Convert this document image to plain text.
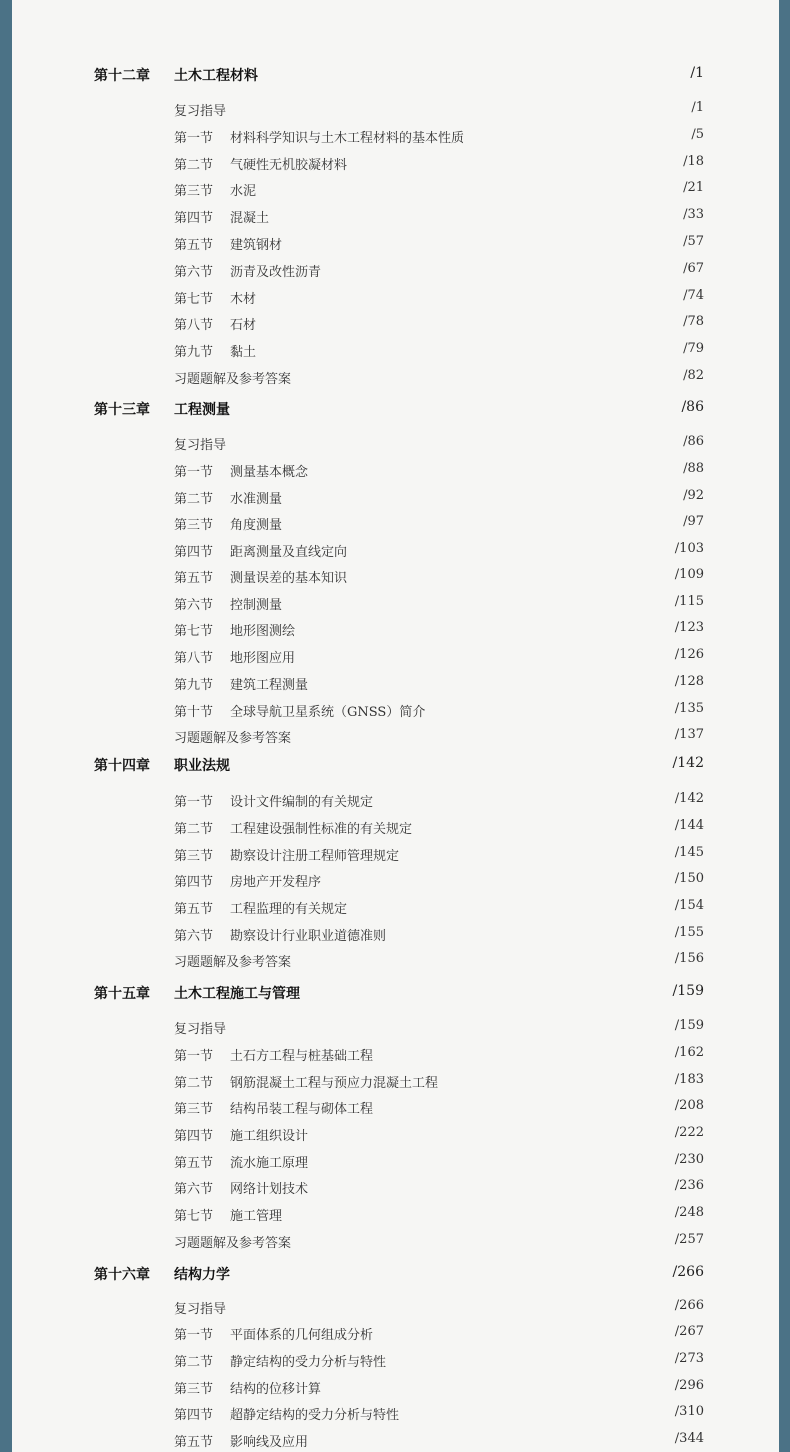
第十二章 土木工程材料	/1
复习指导	/1
第一节 材料科学知识与土木工程材料的基本性质	/5
第二节 气硬性无机胶凝材料	/18
第三节 水泥	/21
第四节 混凝土	/33
第五节 建筑钢材	/57
第六节 沥青及改性沥青	/67
第七节 木材	/74
第八节 石材	/78
第九节 黏土	/79
习题题解及参考答案	/82
第十三章 工程测量	/86
复习指导	/86
第一节 测量基本概念	/88
第二节 水准测量	/92
第三节 角度测量	/97
第四节 距离测量及直线定向	/103
第五节 测量误差的基本知识	/109
第六节 控制测量	/115
第七节 地形图测绘	/123
第八节 地形图应用	/126
第九节 建筑工程测量	/128
第十节 全球导航卫星系统（GNSS）简介	/135
习题题解及参考答案	/137
第十四章 职业法规	/142
第一节 设计文件编制的有关规定	/142
第二节 工程建设强制性标准的有关规定	/144
第三节 勘察设计注册工程师管理规定	/145
第四节 房地产开发程序	/150
第五节 工程监理的有关规定	/154
第六节 勘察设计行业职业道德准则	/155
习题题解及参考答案	/156
第十五章 土木工程施工与管理	/159
复习指导	/159
第一节 土石方工程与桩基础工程	/162
第二节 钢筋混凝土工程与预应力混凝土工程	/183
第三节 结构吊装工程与砌体工程	/208
第四节 施工组织设计	/222
第五节 流水施工原理	/230
第六节 网络计划技术	/236
第七节 施工管理	/248
习题题解及参考答案	/257
第十六章 结构力学	/266
复习指导	/266
第一节 平面体系的几何组成分析	/267
第二节 静定结构的受力分析与特性	/273
第三节 结构的位移计算	/296
第四节 超静定结构的受力分析与特性	/310
第五节 影响线及应用	/344
